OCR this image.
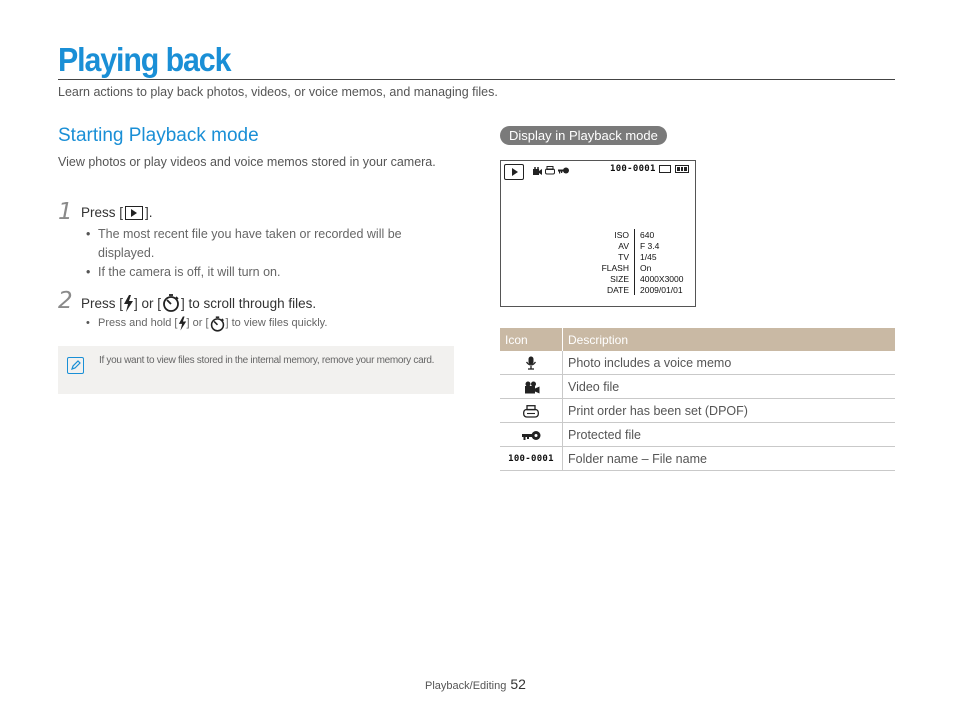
Playing back
Learn actions to play back photos, videos, or voice memos, and managing files.
Starting Playback mode
View photos or play videos and voice memos stored in your camera.
1 Press [ ].
• The most recent file you have taken or recorded will be displayed.
• If the camera is off, it will turn on.
2 Press [ ] or [ ] to scroll through files.
• Press and hold [ ] or [ ] to view files quickly.
If you want to view files stored in the internal memory, remove your memory card.
Display in Playback mode
100-0001
ISO	640
AV	F 3.4
TV	1/45
FLASH	On
SIZE	4000X3000
DATE	2009/01/01
Icon	Description

	Photo includes a voice memo

	Video file

	Print order has been set (DPOF)

	Protected file
100-0001	Folder name – File name
Playback/Editing 52
